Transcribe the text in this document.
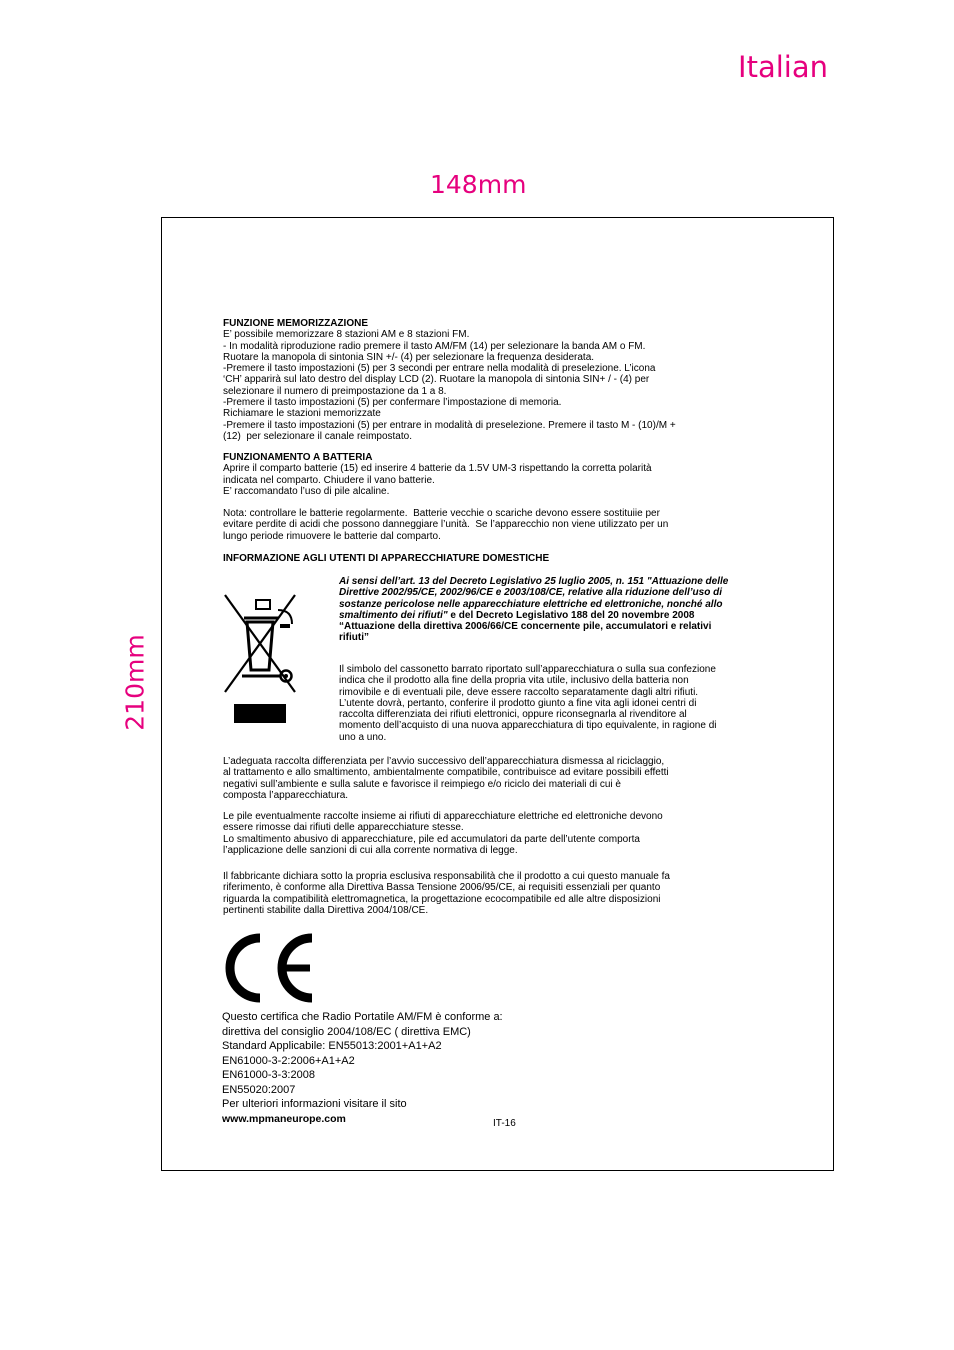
Italian
148mm
210mm
FUNZIONE MEMORIZZAZIONE
E’ possibile memorizzare 8 stazioni AM e 8 stazioni FM.
- In modalità riproduzione radio premere il tasto AM/FM (14) per selezionare la banda AM o FM.
Ruotare la manopola di sintonia SIN +/- (4) per selezionare la frequenza desiderata.
-Premere il tasto impostazioni (5) per 3 secondi per entrare nella modalità di preselezione. L’icona
‘CH’ apparirà sul lato destro del display LCD (2). Ruotare la manopola di sintonia SIN+ / - (4) per
selezionare il numero di preimpostazione da 1 a 8.
-Premere il tasto impostazioni (5) per confermare l’impostazione di memoria.
Richiamare le stazioni memorizzate
-Premere il tasto impostazioni (5) per entrare in modalità di preselezione. Premere il tasto M - (10)/M +
(12)  per selezionare il canale reimpostato.
FUNZIONAMENTO A BATTERIA
Aprire il comparto batterie (15) ed inserire 4 batterie da 1.5V UM-3 rispettando la corretta polarità
indicata nel comparto. Chiudere il vano batterie.
E’ raccomandato l’uso di pile alcaline.
Nota: controllare le batterie regolarmente.  Batterie vecchie o scariche devono essere sostituiie per
evitare perdite di acidi che possono danneggiare l’unità.  Se l’apparecchio non viene utilizzato per un
lungo periode rimuovere le batterie dal comparto.
INFORMAZIONE AGLI UTENTI DI APPARECCHIATURE DOMESTICHE
Ai sensi dell’art. 13 del Decreto Legislativo 25 luglio 2005, n. 151 "Attuazione delle
Direttive 2002/95/CE, 2002/96/CE e 2003/108/CE, relative alla riduzione dell’uso di
sostanze pericolose nelle apparecchiature elettriche ed elettroniche, nonché allo
smaltimento dei rifiuti" e del Decreto Legislativo 188 del 20 novembre 2008
“Attuazione della direttiva 2006/66/CE concernente pile, accumulatori e relativi
rifiuti”
Il simbolo del cassonetto barrato riportato sull’apparecchiatura o sulla sua confezione
indica che il prodotto alla fine della propria vita utile, inclusivo della batteria non
rimovibile e di eventuali pile, deve essere raccolto separatamente dagli altri rifiuti.
L’utente dovrà, pertanto, conferire il prodotto giunto a fine vita agli idonei centri di
raccolta differenziata dei rifiuti elettronici, oppure riconsegnarla al rivenditore al
momento dell’acquisto di una nuova apparecchiatura di tipo equivalente, in ragione di
uno a uno.
L’adeguata raccolta differenziata per l’avvio successivo dell’apparecchiatura dismessa al riciclaggio,
al trattamento e allo smaltimento, ambientalmente compatibile, contribuisce ad evitare possibili effetti
negativi sull’ambiente e sulla salute e favorisce il reimpiego e/o riciclo dei materiali di cui è
composta l’apparecchiatura.
Le pile eventualmente raccolte insieme ai rifiuti di apparecchiature elettriche ed elettroniche devono
essere rimosse dai rifiuti delle apparecchiature stesse.
Lo smaltimento abusivo di apparecchiature, pile ed accumulatori da parte dell’utente comporta
l’applicazione delle sanzioni di cui alla corrente normativa di legge.
Il fabbricante dichiara sotto la propria esclusiva responsabilità che il prodotto a cui questo manuale fa
riferimento, è conforme alla Direttiva Bassa Tensione 2006/95/CE, ai requisiti essenziali per quanto
riguarda la compatibilità elettromagnetica, la progettazione ecocompatibile ed alle altre disposizioni
pertinenti stabilite dalla Direttiva 2004/108/CE.
Questo certifica che Radio Portatile AM/FM è conforme a:
direttiva del consiglio 2004/108/EC ( direttiva EMC)
Standard Applicabile: EN55013:2001+A1+A2
EN61000-3-2:2006+A1+A2
EN61000-3-3:2008
EN55020:2007
Per ulteriori informazioni visitare il sito
www.mpmaneurope.com	IT-16
